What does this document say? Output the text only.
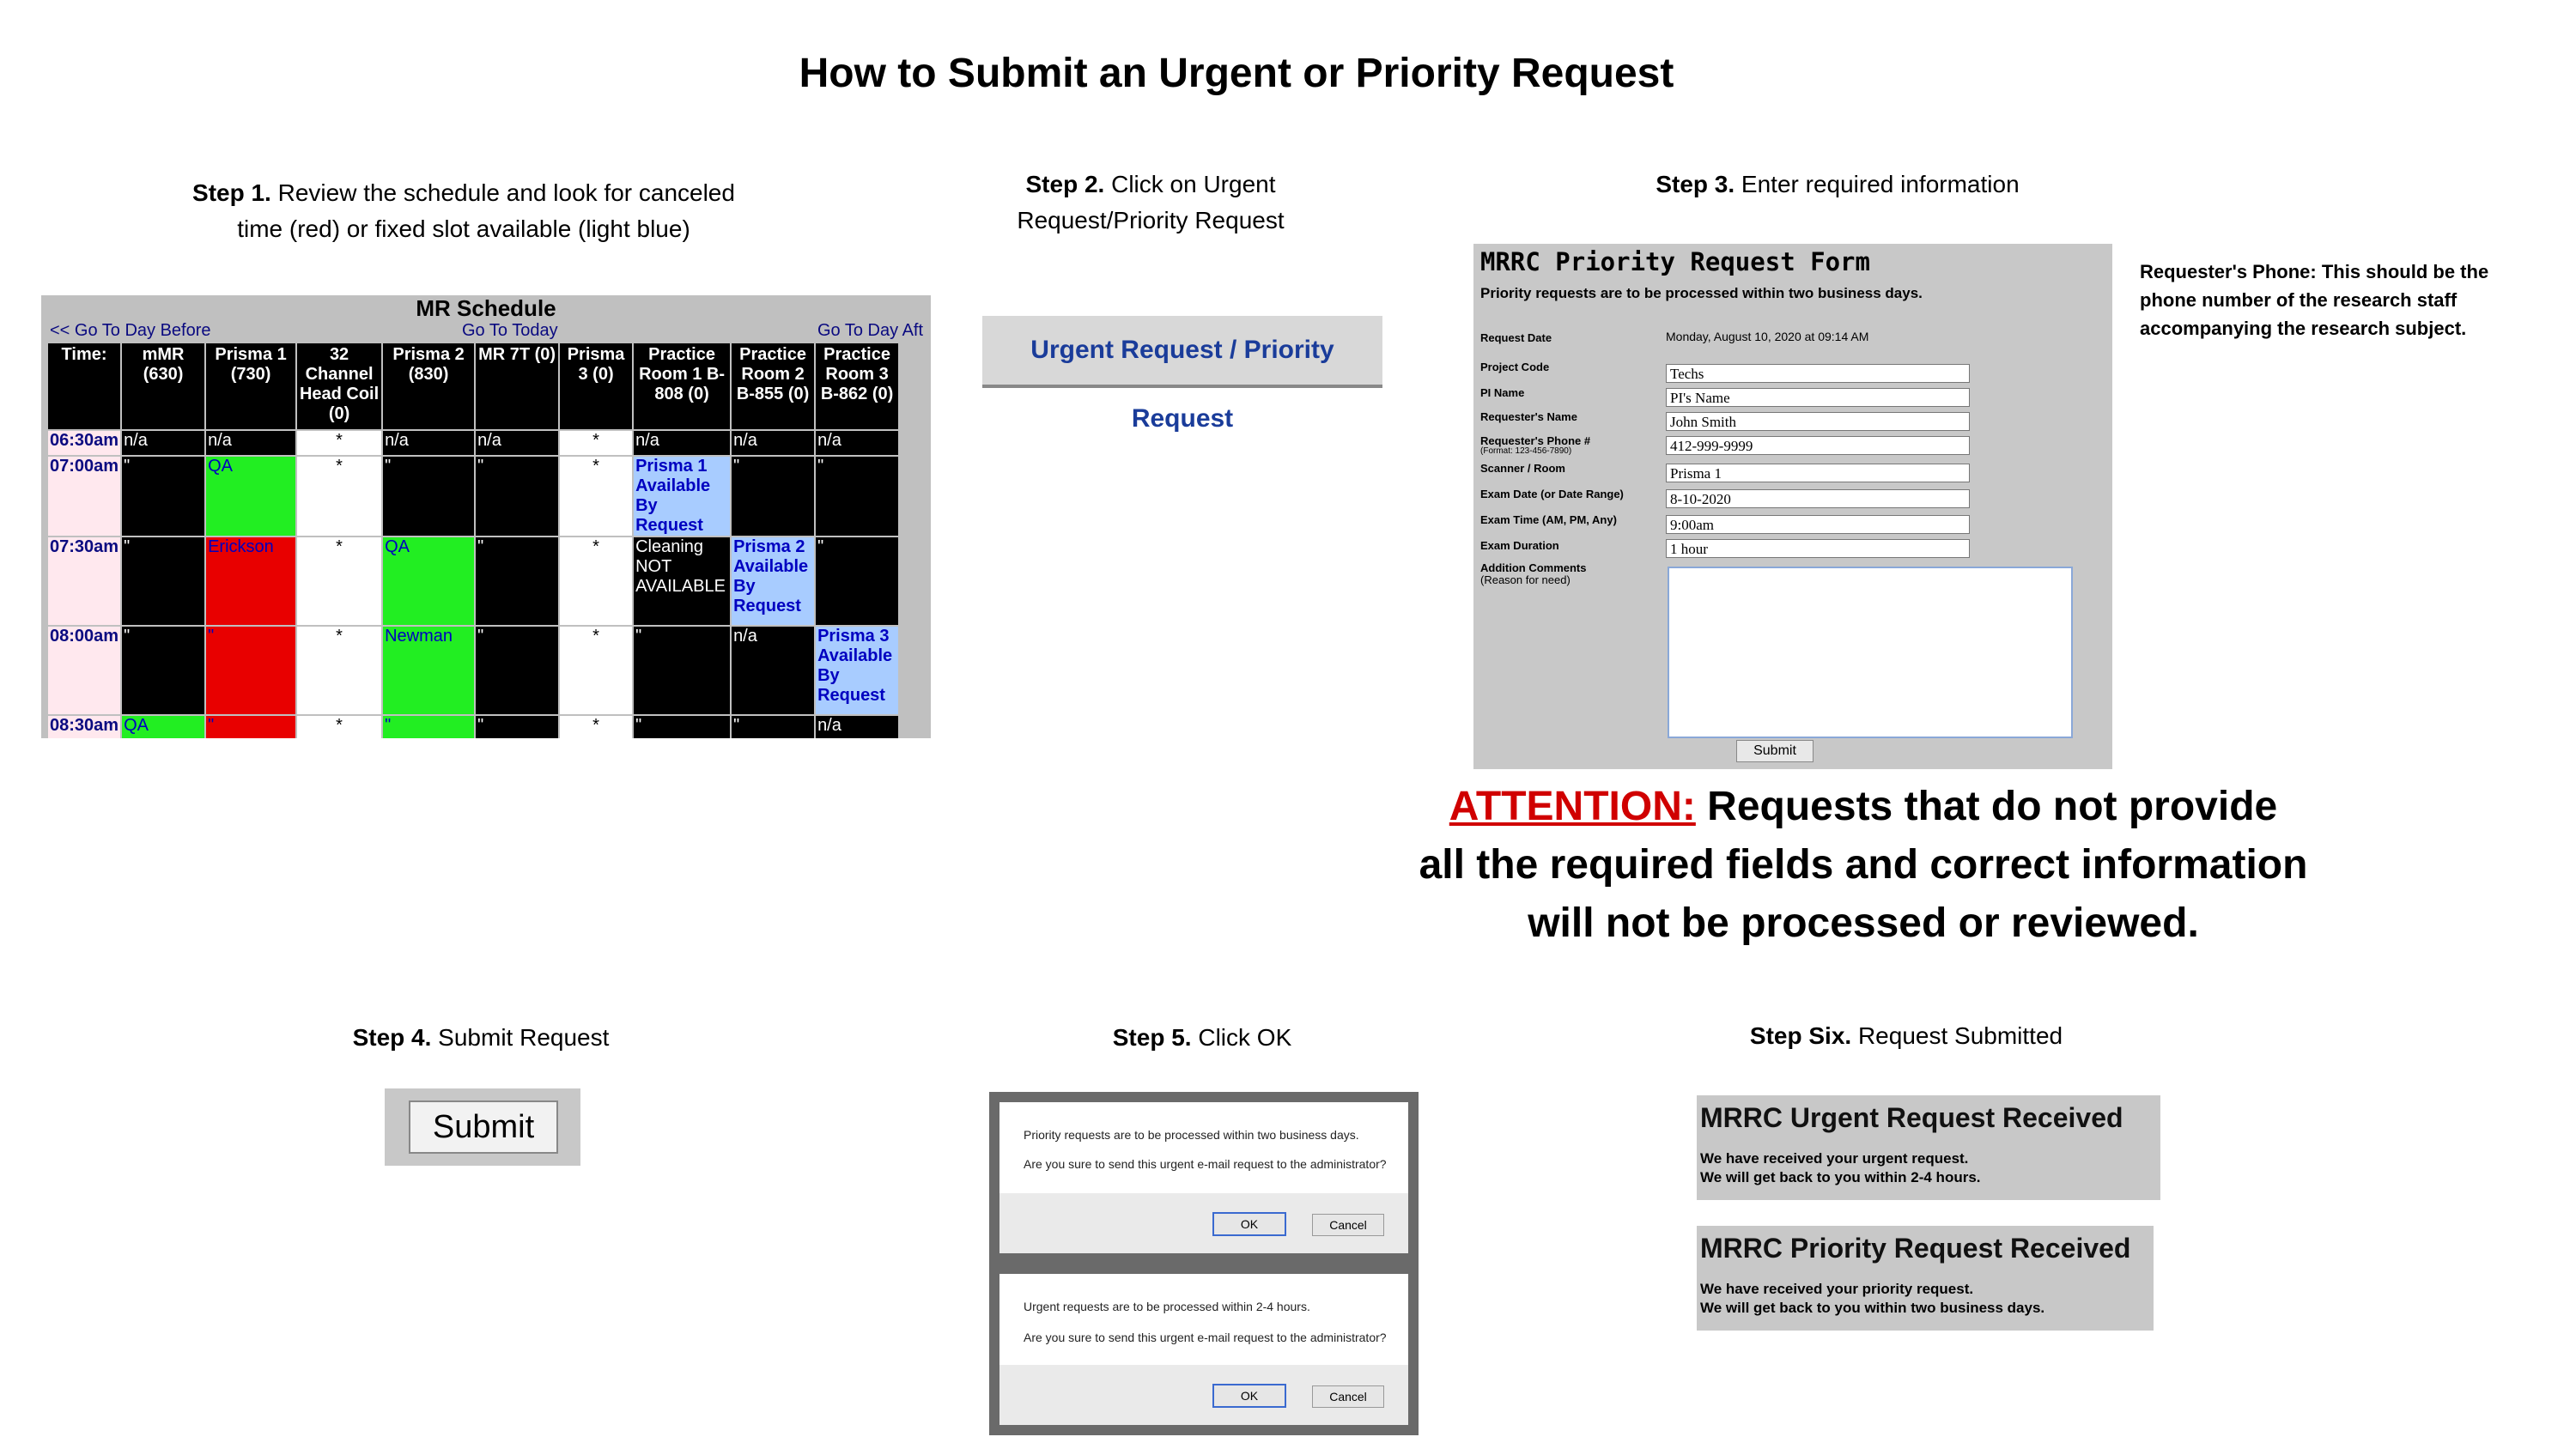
How to Submit an Urgent or Priority Request
Step 1. Review the schedule and look for canceled
time (red) or fixed slot available (light blue)
MR Schedule
<< Go To Day Before	Go To Today	Go To Day Aft
Time:	mMR (630)	Prisma 1 (730)	32 Channel Head Coil (0)	Prisma 2 (830)	MR 7T (0)	Prisma 3 (0)	Practice Room 1 B-808 (0)	Practice Room 2 B-855 (0)	Practice Room 3 B-862 (0)
06:30am	n/a	n/a	*	n/a	n/a	*	n/a	n/a	n/a
07:00am	"	QA	*	"	"	*	Prisma 1 Available By Request	"	"
07:30am	"	Erickson	*	QA	"	*	Cleaning NOT AVAILABLE	Prisma 2 Available By Request	"
08:00am	"	"	*	Newman	"	*	"	n/a	Prisma 3 Available By Request
08:30am	QA	"	*	"	"	*	"	"	n/a
Step 2. Click on Urgent
Request/Priority Request
Urgent Request / Priority Request
Step 3. Enter required information
MRRC Priority Request Form
Priority requests are to be processed within two business days.
Request Date	Monday, August 10, 2020 at 09:14 AM
Project Code	Techs
PI Name	PI's Name
Requester's Name	John Smith
Requester's Phone #
(Format: 123-456-7890)	412-999-9999
Scanner / Room	Prisma 1
Exam Date (or Date Range)	8-10-2020
Exam Time (AM, PM, Any)	9:00am
Exam Duration	1 hour
Addition Comments
(Reason for need)
Submit
Requester's Phone: This should be the phone number of the research staff accompanying the research subject.
ATTENTION: Requests that do not provide
all the required fields and correct information
will not be processed or reviewed.
Step 4. Submit Request
Submit
Step 5. Click OK
Priority requests are to be processed within two business days.
Are you sure to send this urgent e-mail request to the administrator?
OK	Cancel
Urgent requests are to be processed within 2-4 hours.
Are you sure to send this urgent e-mail request to the administrator?
OK	Cancel
Step Six. Request Submitted
MRRC Urgent Request Received
We have received your urgent request.
We will get back to you within 2-4 hours.
MRRC Priority Request Received
We have received your priority request.
We will get back to you within two business days.
